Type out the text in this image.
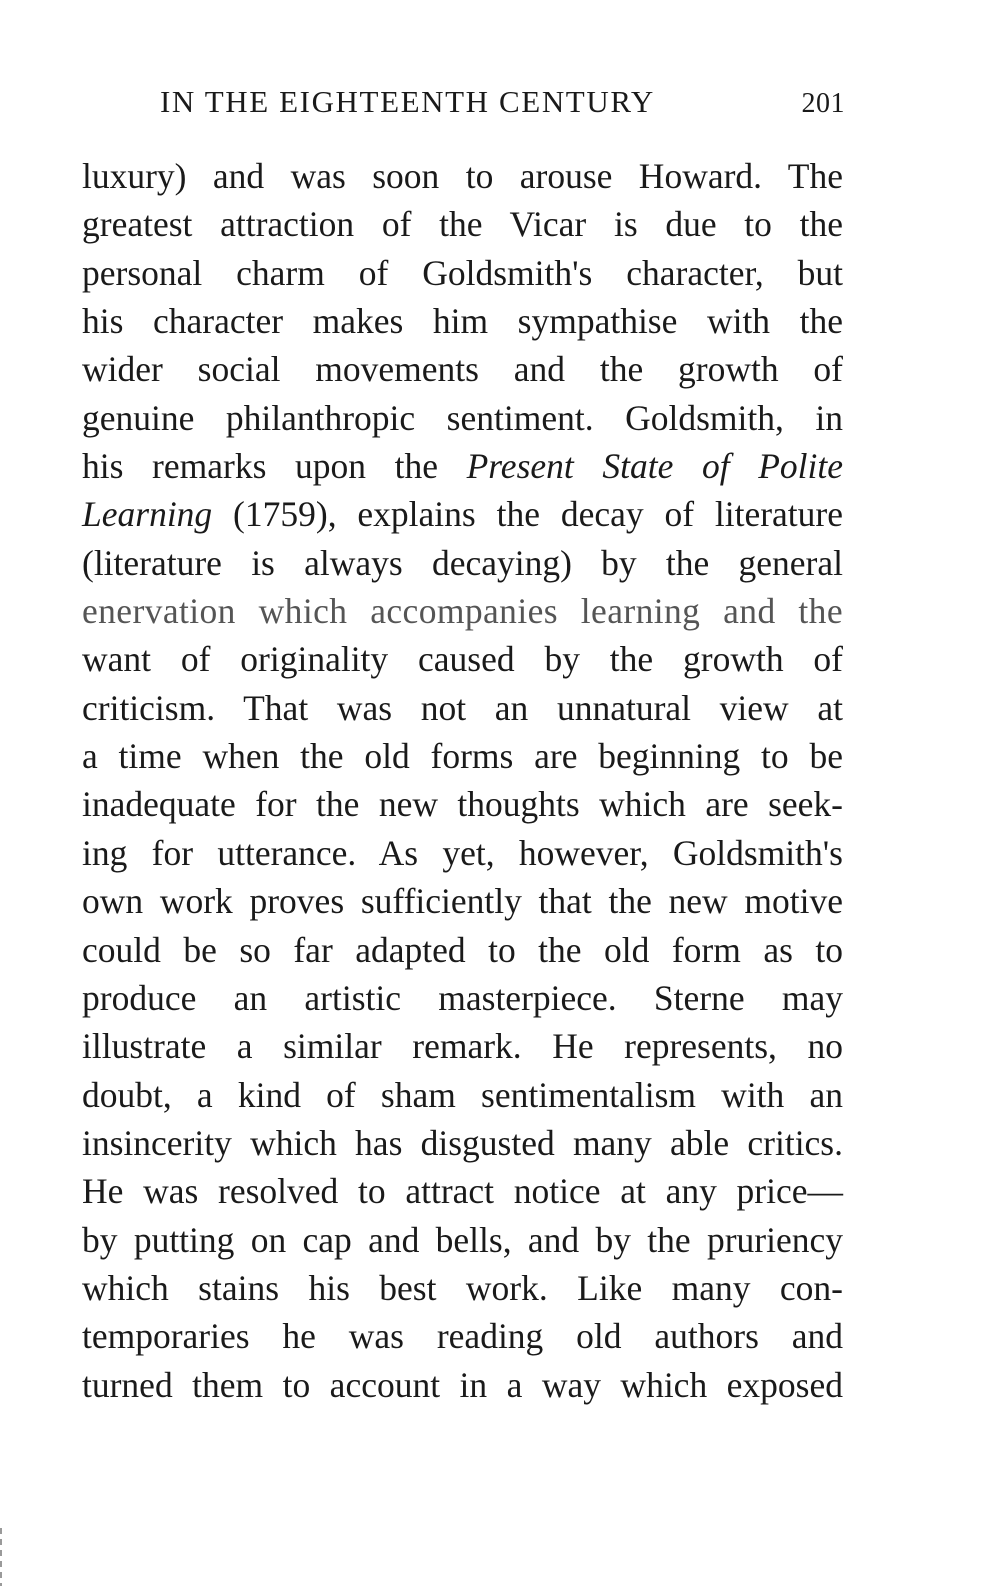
IN THE EIGHTEENTH CENTURY	201
luxury) and was soon to arouse Howard. The
greatest attraction of the Vicar is due to the
personal charm of Goldsmith's character, but
his character makes him sympathise with the
wider social movements and the growth of
genuine philanthropic sentiment. Goldsmith, in
his remarks upon the Present State of Polite
Learning (1759), explains the decay of literature
(literature is always decaying) by the general
enervation which accompanies learning and the
want of originality caused by the growth of
criticism. That was not an unnatural view at
a time when the old forms are beginning to be
inadequate for the new thoughts which are seek-
ing for utterance. As yet, however, Goldsmith's
own work proves sufficiently that the new motive
could be so far adapted to the old form as to
produce an artistic masterpiece. Sterne may
illustrate a similar remark. He represents, no
doubt, a kind of sham sentimentalism with an
insincerity which has disgusted many able critics.
He was resolved to attract notice at any price—
by putting on cap and bells, and by the pruriency
which stains his best work. Like many con-
temporaries he was reading old authors and
turned them to account in a way which exposed
